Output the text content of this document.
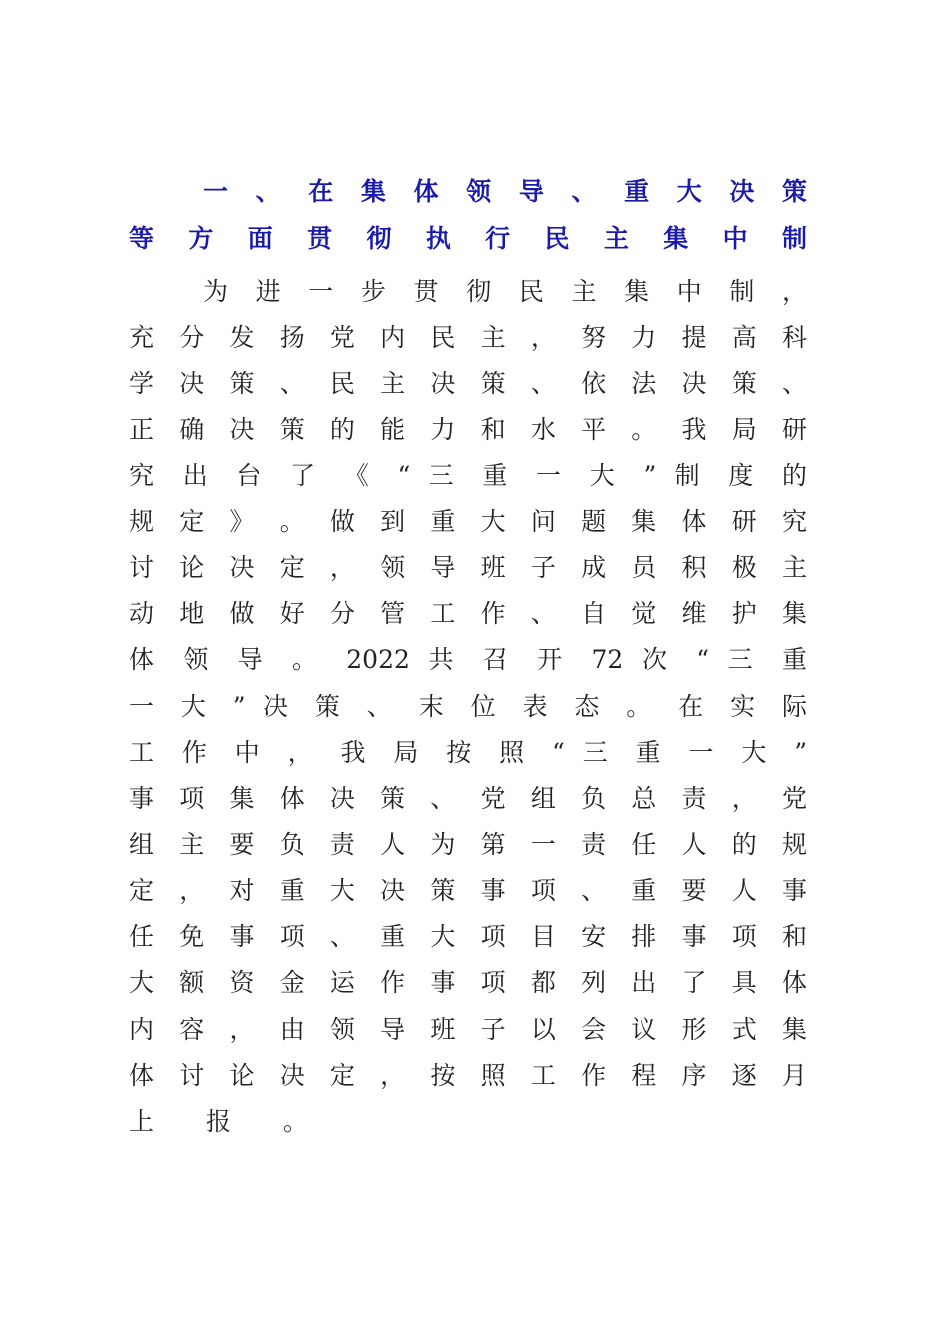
一 、 在 集 体 领 导 、 重 大 决 策
等 方 面 贯 彻 执 行 民 主 集 中 制
为 进 一 步 贯 彻 民 主 集 中 制 ，
充 分 发 扬 党 内 民 主 ， 努 力 提 高 科
学 决 策 、 民 主 决 策 、 依 法 决 策 、
正 确 决 策 的 能 力 和 水 平 。 我 局 研
究 出 台 了 《 “ 三 重 一 大 ” 制 度 的
规 定 》 。 做 到 重 大 问 题 集 体 研 究
讨 论 决 定 ， 领 导 班 子 成 员 积 极 主
动 地 做 好 分 管 工 作 、 自 觉 维 护 集
体 领 导 。 2022 共 召 开 72 次 “ 三 重
一 大 ” 决 策 、 末 位 表 态 。 在 实 际
工 作 中 ， 我 局 按 照 “ 三 重 一 大 ”
事 项 集 体 决 策 、 党 组 负 总 责 ， 党
组 主 要 负 责 人 为 第 一 责 任 人 的 规
定 ， 对 重 大 决 策 事 项 、 重 要 人 事
任 免 事 项 、 重 大 项 目 安 排 事 项 和
大 额 资 金 运 作 事 项 都 列 出 了 具 体
内 容 ， 由 领 导 班 子 以 会 议 形 式 集
体 讨 论 决 定 ， 按 照 工 作 程 序 逐 月
上 报 。
